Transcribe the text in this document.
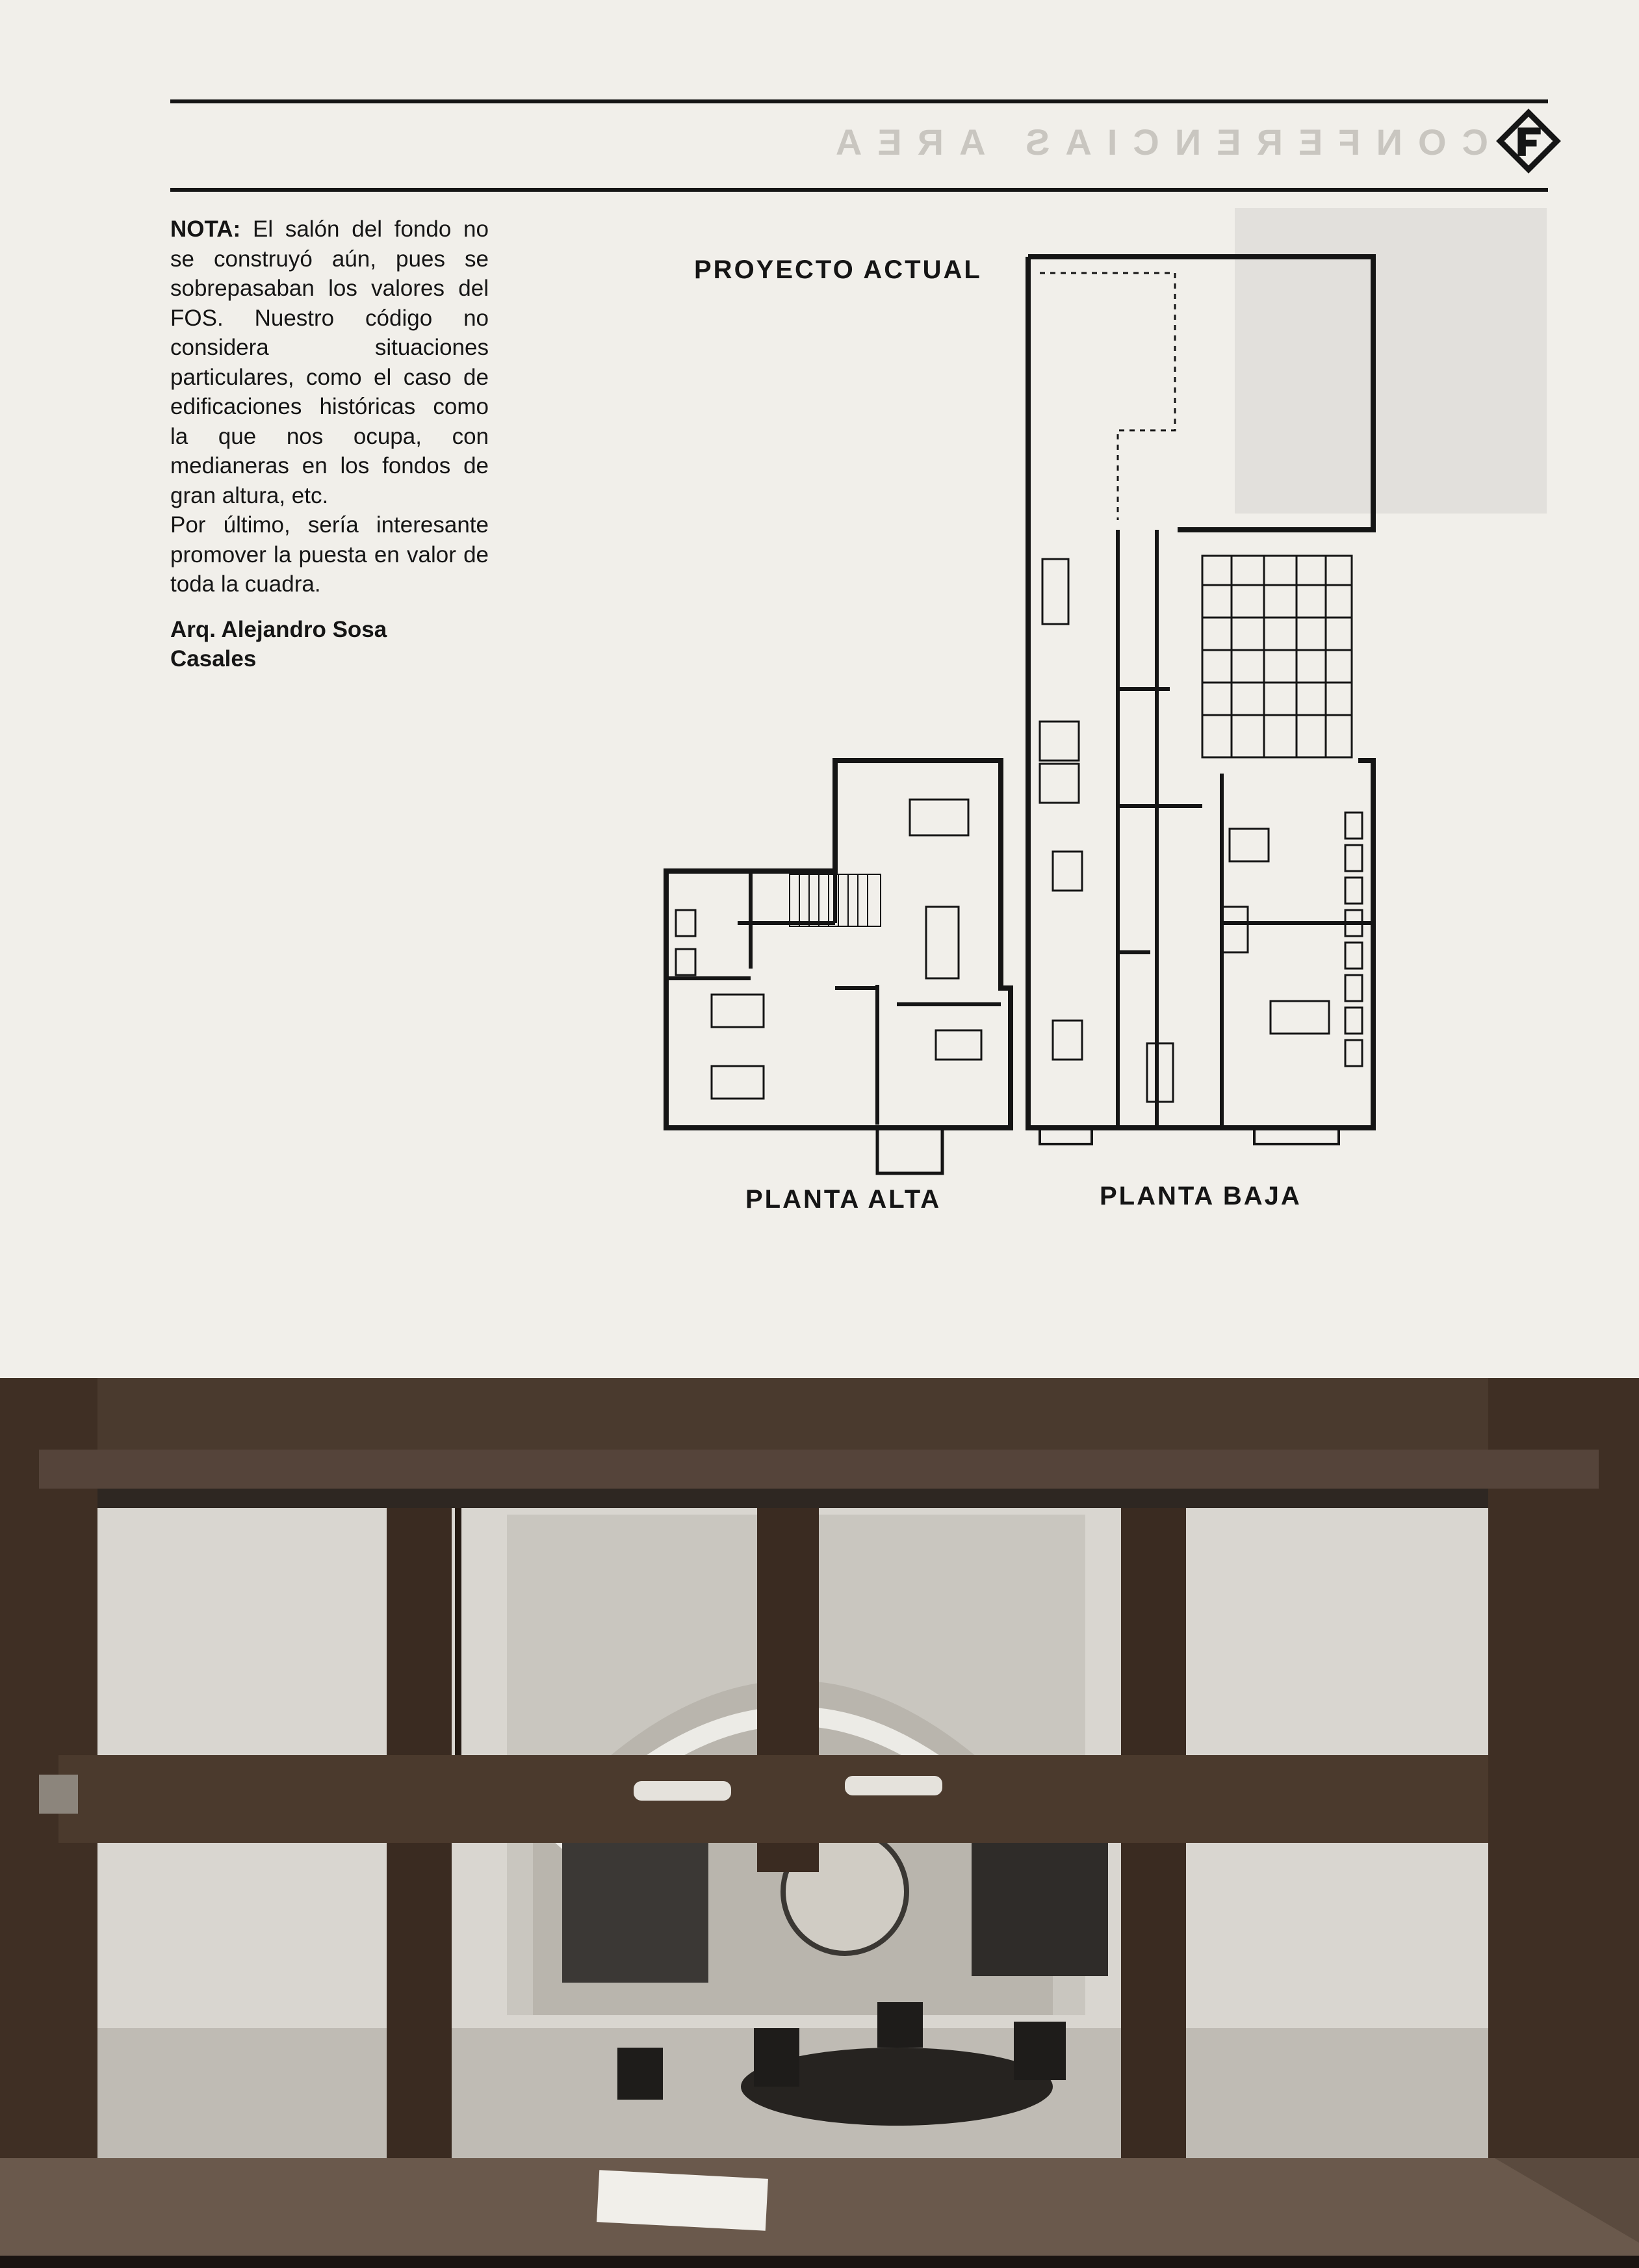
CONFERENCIAS AREA

NOTA: El salón del fondo no se construyó aún, pues se sobrepasaban los valores del FOS. Nuestro código no considera situaciones particulares, como el caso de edificaciones históricas como la que nos ocupa, con medianeras en los fondos de gran altura, etc.

Por último, sería interesante promover la puesta en valor de toda la cuadra.

Arq. Alejandro Sosa
Casales
PROYECTO ACTUAL
PLANTA ALTA	PLANTA BAJA
